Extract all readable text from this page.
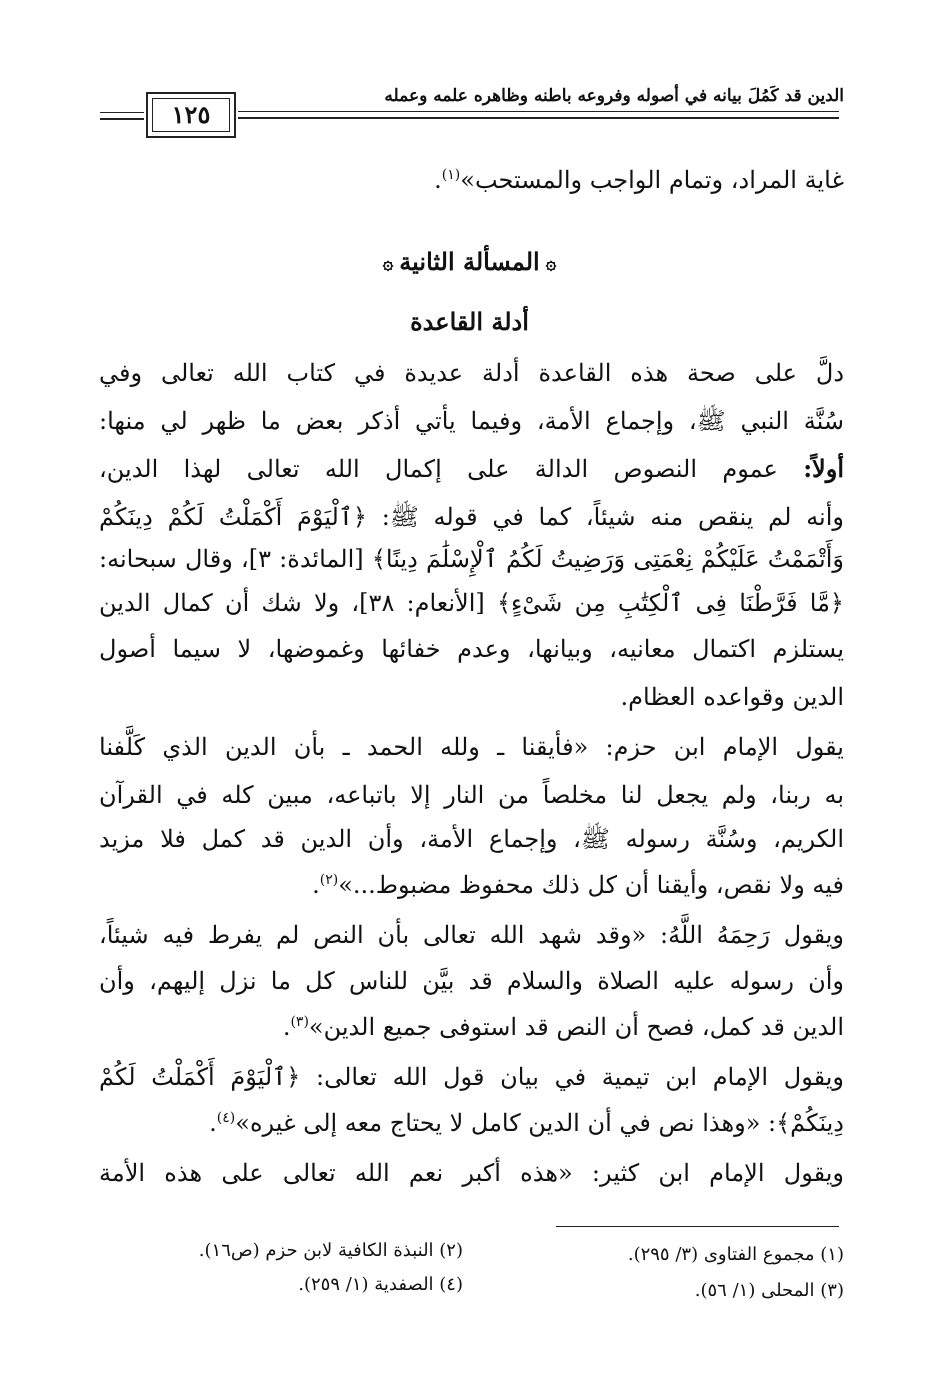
الدين قد كَمُلَ بيانه في أصوله وفروعه باطنه وظاهره علمه وعمله
١٢٥
غاية المراد، وتمام الواجب والمستحب»$^{(١)}$.
۞المسألة الثانية۞
أدلة القاعدة
دلَّ على صحة هذه القاعدة أدلة عديدة في كتاب الله تعالى وفي
سُنَّة النبي ﷺ، وإجماع الأمة، وفيما يأتي أذكر بعض ما ظهر لي منها:
أولاً: عموم النصوص الدالة على إكمال الله تعالى لهذا الدين،
وأنه لم ينقص منه شيئاً، كما في قوله ﷺ: ﴿ٱلْيَوْمَ أَكْمَلْتُ لَكُمْ دِينَكُمْ
وَأَتْمَمْتُ عَلَيْكُمْ نِعْمَتِى وَرَضِيتُ لَكُمُ ٱلْإِسْلَٰمَ دِينًا﴾ [المائدة: ٣]، وقال سبحانه:
﴿مَّا فَرَّطْنَا فِى ٱلْكِتَٰبِ مِن شَىْءٍ﴾ [الأنعام: ٣٨]، ولا شك أن كمال الدين
يستلزم اكتمال معانيه، وبيانها، وعدم خفائها وغموضها، لا سيما أصول
الدين وقواعده العظام.
يقول الإمام ابن حزم: «فأيقنا ـ ولله الحمد ـ بأن الدين الذي كَلَّفنا
به ربنا، ولم يجعل لنا مخلصاً من النار إلا باتباعه، مبين كله في القرآن
الكريم، وسُنَّة رسوله ﷺ، وإجماع الأمة، وأن الدين قد كمل فلا مزيد
فيه ولا نقص، وأيقنا أن كل ذلك محفوظ مضبوط...»$^{(٢)}$.
ويقول رَحِمَهُ اللَّهُ: «وقد شهد الله تعالى بأن النص لم يفرط فيه شيئاً،
وأن رسوله عليه الصلاة والسلام قد بيَّن للناس كل ما نزل إليهم، وأن
الدين قد كمل، فصح أن النص قد استوفى جميع الدين»$^{(٣)}$.
ويقول الإمام ابن تيمية في بيان قول الله تعالى: ﴿ٱلْيَوْمَ أَكْمَلْتُ لَكُمْ
دِينَكُمْ﴾: «وهذا نص في أن الدين كامل لا يحتاج معه إلى غيره»$^{(٤)}$.
ويقول الإمام ابن كثير: «هذه أكبر نعم الله تعالى على هذه الأمة
(١) مجموع الفتاوى (٣/ ٢٩٥).
(٢) النبذة الكافية لابن حزم (ص١٦).
(٣) المحلى (١/ ٥٦).
(٤) الصفدية (١/ ٢٥٩).
